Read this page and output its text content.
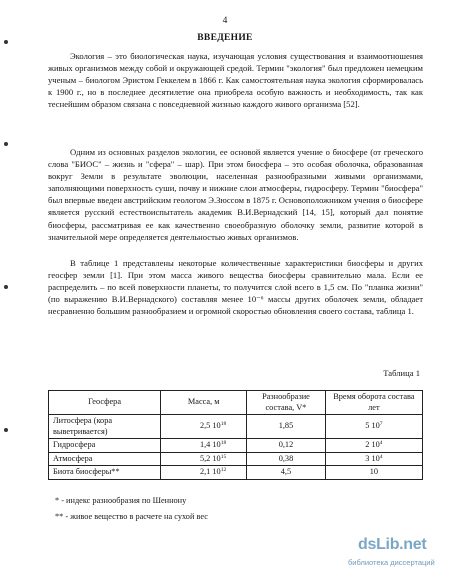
4
ВВЕДЕНИЕ

Экология – это биологическая наука, изучающая условия существования и взаимоотношения живых организмов между собой и окружающей средой. Термин "экология" был предложен немецким ученым – биологом Эристом Геккелем в 1866 г. Как самостоятельная наука экология сформировалась к 1900 г., но в последнее десятилетие она приобрела особую важность и необходимость, так как теснейшим образом связана с повседневной жизнью каждого живого организма [52].

Одним из основных разделов экологии, ее основой является учение о биосфере (от греческого слова "БИОС" – жизнь и "сфера" – шар). При этом биосфера – это особая оболочка, образованная вокруг Земли в результате эволюции, населенная разнообразными живыми организмами, заполняющими поверхность суши, почву и нижние слои атмосферы, гидросферу. Термин "биосфера" был впервые введен австрийским геологом Э.Зюссом в 1875 г. Основоположником учения о биосфере является русский естествоиспытатель академик В.И.Вернадский [14, 15], который дал понятие биосферы, рассматривая ее как качественно своеобразную оболочку земли, развитие которой в значительной мере определяется деятельностью живых организмов.

В таблице 1 представлены некоторые количественные характеристики биосферы и других геосфер земли [1]. При этом масса живого вещества биосферы сравнительно мала. Если ее распределить – по всей поверхности планеты, то получится слой всего в 1,5 см. По "планка жизни" (по выражению В.И.Вернадского) составляя менее 10⁻⁶ массы других оболочек земли, обладает несравненно большим разнообразием и огромной скоростью обновления своего состава, таблица 1.

Таблица 1
Геосфера	Масса, м	Разнообразие состава, V*	Время оборота состава лет
Литосфера (кора выветривается)	2,5 $10^{18}$	1,85	5 $10^7$
Гидросфера	1,4 $10^{18}$	0,12	2 $10^4$
Атмосфера	5,2 $10^{15}$	0,38	3 $10^4$
Биота биосферы**	2,1 $10^{12}$	4,5	10
* - индекс разнообразия по Шеннону
** - живое вещество в расчете на сухой вес
dsLib.net
библиотека диссертаций
